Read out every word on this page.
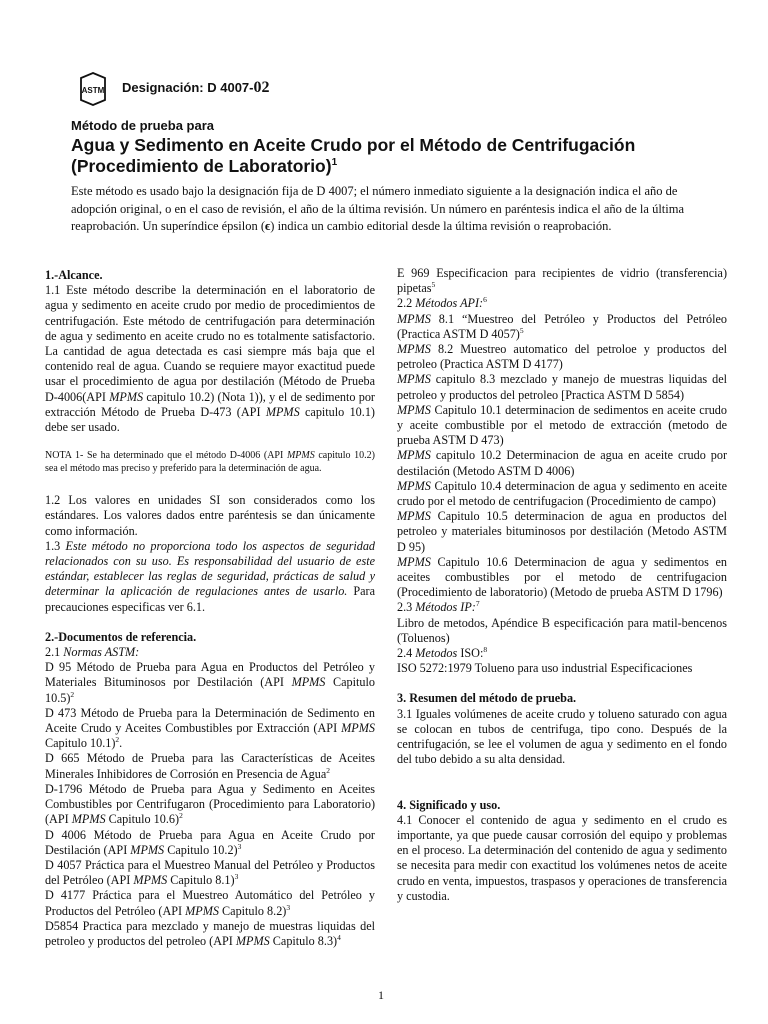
ASTM Designación: D 4007-02
Método de prueba para
Agua y Sedimento en Aceite Crudo por el Método de Centrifugación (Procedimiento de Laboratorio)$^1$

Este método es usado bajo la designación fija de D 4007; el número inmediato siguiente a la designación indica el año de adopción original, o en el caso de revisión, el año de la última revisión. Un número en paréntesis indica el año de la última reaprobación. Un superíndice épsilon (ϵ) indica un cambio editorial desde la última revisión o reaprobación.

1.-Alcance.

1.1 Este método describe la determinación en el laboratorio de agua y sedimento en aceite crudo por medio de procedimientos de centrifugación. Este método de centrifugación para determinación de agua y sedimento en aceite crudo no es totalmente satisfactorio. La cantidad de agua detectada es casi siempre más baja que el contenido real de agua. Cuando se requiere mayor exactitud puede usar el procedimiento de agua por destilación (Método de Prueba D-4006(API MPMS capitulo 10.2) (Nota 1)), y el de sedimento por extracción Método de Prueba D-473 (API MPMS capitulo 10.1) debe ser usado.

NOTA 1- Se ha determinado que el método D-4006 (API MPMS capitulo 10.2) sea el método mas preciso y preferido para la determinación de agua.

1.2 Los valores en unidades SI son considerados como los estándares. Los valores dados entre paréntesis se dan únicamente como información.

1.3 Este método no proporciona todo los aspectos de seguridad relacionados con su uso. Es responsabilidad del usuario de este estándar, establecer las reglas de seguridad, prácticas de salud y determinar la aplicación de regulaciones antes de usarlo. Para precauciones especificas ver 6.1.

2.-Documentos de referencia.

2.1 Normas ASTM:

D 95 Método de Prueba para Agua en Productos del Petróleo y Materiales Bituminosos por Destilación (API MPMS Capitulo 10.5)$^2$

D 473 Método de Prueba para la Determinación de Sedimento en Aceite Crudo y Aceites Combustibles por Extracción (API MPMS Capitulo 10.1)$^2$.

D 665 Método de Prueba para las Características de Aceites Minerales Inhibidores de Corrosión en Presencia de Agua$^2$

D-1796 Método de Prueba para Agua y Sedimento en Aceites Combustibles por Centrifugaron (Procedimiento para Laboratorio) (API MPMS Capitulo 10.6)$^2$

D 4006 Método de Prueba para Agua en Aceite Crudo por Destilación (API MPMS Capitulo 10.2)$^3$

D 4057 Práctica para el Muestreo Manual del Petróleo y Productos del Petróleo (API MPMS Capitulo 8.1)$^3$

D 4177 Práctica para el Muestreo Automático del Petróleo y Productos del Petróleo (API MPMS Capitulo 8.2)$^3$

D5854 Practica para mezclado y manejo de muestras liquidas del petroleo y productos del petroleo (API MPMS Capitulo 8.3)$^4$

E 969 Especificacion para recipientes de vidrio (transferencia) pipetas$^5$

2.2 Métodos API:$^6$

MPMS 8.1 “Muestreo del Petróleo y Productos del Petróleo (Practica ASTM D 4057)$^5$

MPMS 8.2 Muestreo automatico del petroloe y productos del petroleo (Practica ASTM D 4177)

MPMS capitulo 8.3 mezclado y manejo de muestras liquidas del petroleo y productos del petroleo [Practica ASTM D 5854)

MPMS Capitulo 10.1 determinacion de sedimentos en aceite crudo y aceite combustible por el metodo de extracción (metodo de prueba ASTM D 473)

MPMS capitulo 10.2 Determinacion de agua en aceite crudo por destilación (Metodo ASTM D 4006)

MPMS Capitulo 10.4 determinacion de agua y sedimento en aceite crudo por el metodo de centrifugacion (Procedimiento de campo)

MPMS Capitulo 10.5 determinacion de agua en productos del petroleo y materiales bituminosos por destilación (Metodo ASTM D 95)

MPMS Capitulo 10.6 Determinacion de agua y sedimentos en aceites combustibles por el metodo de centrifugacion (Procedimiento de laboratorio) (Metodo de prueba ASTM D 1796)

2.3 Métodos IP:$^7$

Libro de metodos, Apéndice B especificación para matil-bencenos (Toluenos)

2.4 Metodos ISO:$^8$

ISO 5272:1979 Tolueno para uso industrial Especificaciones

3. Resumen del método de prueba.

3.1 Iguales volúmenes de aceite crudo y tolueno saturado con agua se colocan en tubos de centrifuga, tipo cono. Después de la centrifugación, se lee el volumen de agua y sedimento en el fondo del tubo debido a su alta densidad.

4. Significado y uso.

4.1 Conocer el contenido de agua y sedimento en el crudo es importante, ya que puede causar corrosión del equipo y problemas en el proceso. La determinación del contenido de agua y sedimento se necesita para medir con exactitud los volúmenes netos de aceite crudo en venta, impuestos, traspasos y operaciones de transferencia y custodia.

1
